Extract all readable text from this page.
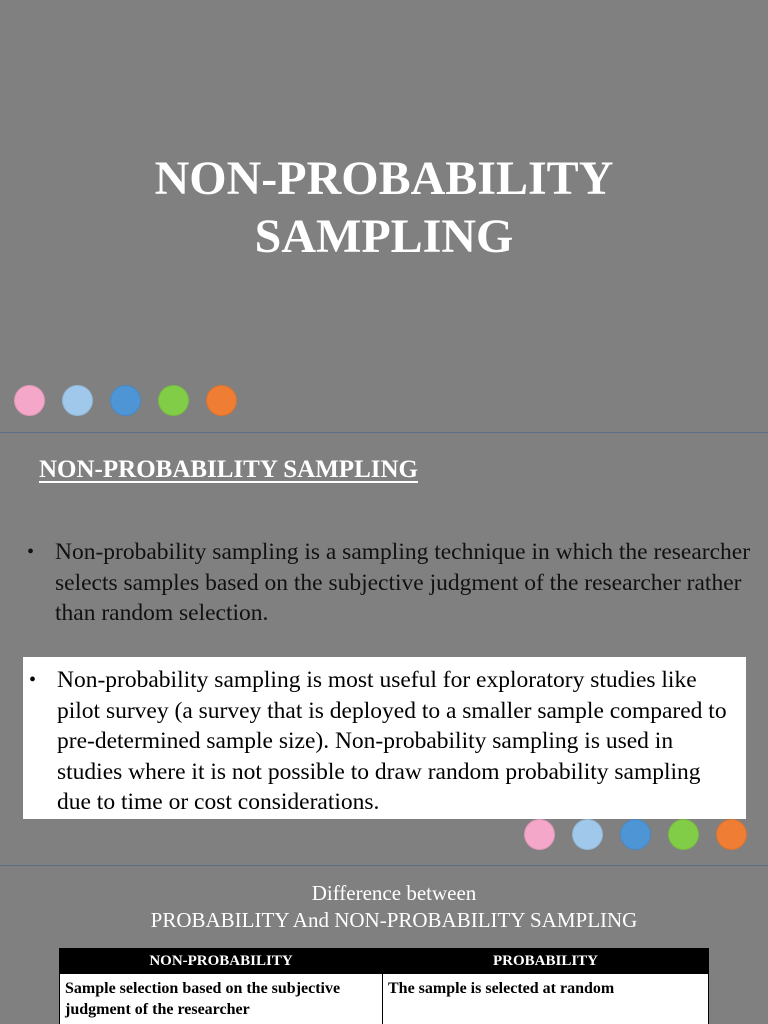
NON-PROBABILITY
SAMPLING
NON-PROBABILITY SAMPLING
• Non-probability sampling is a sampling technique in which the researcher selects samples based on the subjective judgment of the researcher rather than random selection.
• Non-probability sampling is most useful for exploratory studies like pilot survey (a survey that is deployed to a smaller sample compared to pre-determined sample size). Non-probability sampling is used in studies where it is not possible to draw random probability sampling due to time or cost considerations.
Difference between
PROBABILITY And NON-PROBABILITY SAMPLING
NON-PROBABILITY	PROBABILITY
Sample selection based on the subjective judgment of the researcher	The sample is selected at random
